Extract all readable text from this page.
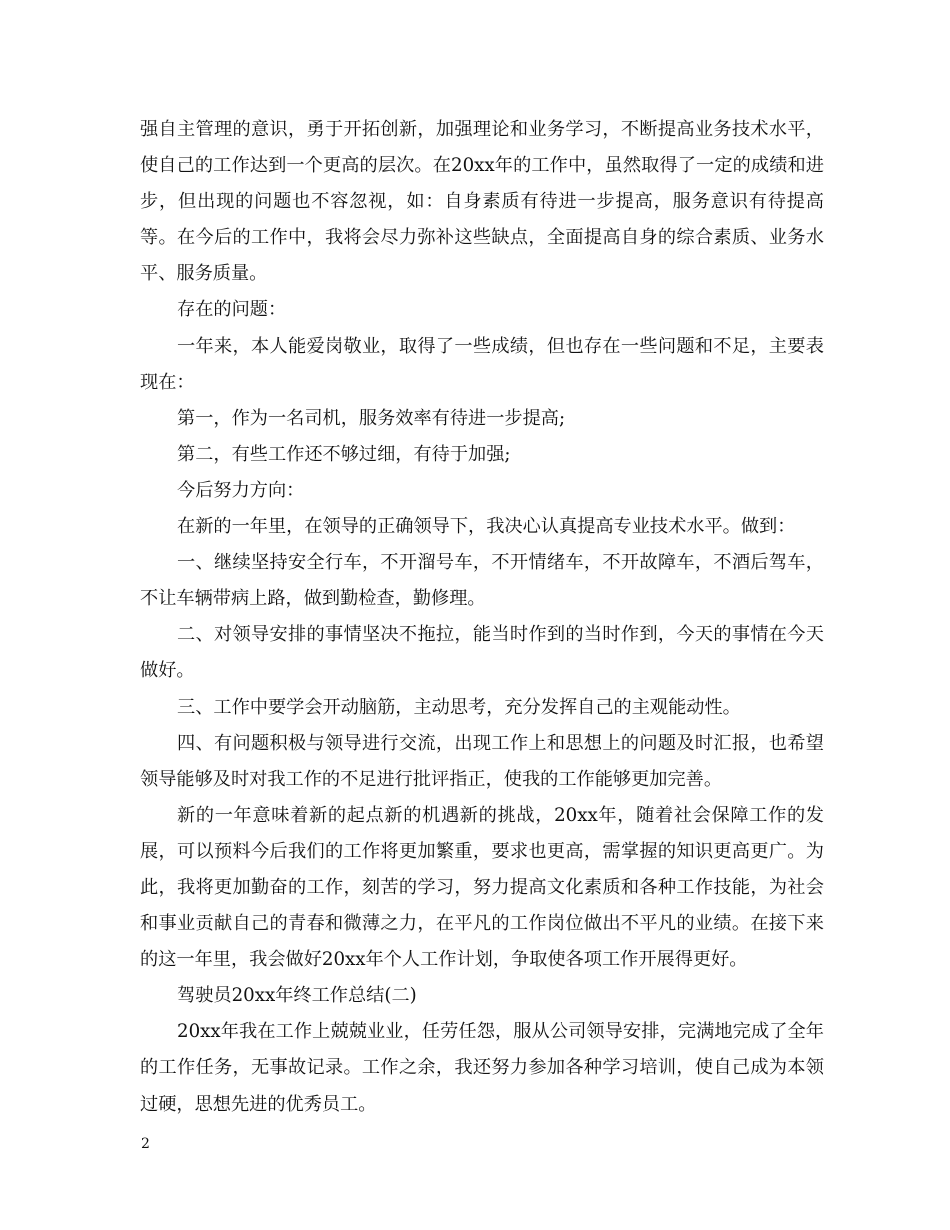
强自主管理的意识，勇于开拓创新，加强理论和业务学习，不断提高业务技术水平，使自己的工作达到一个更高的层次。在20xx年的工作中，虽然取得了一定的成绩和进步，但出现的问题也不容忽视，如：自身素质有待进一步提高，服务意识有待提高等。在今后的工作中，我将会尽力弥补这些缺点，全面提高自身的综合素质、业务水平、服务质量。

存在的问题：

一年来，本人能爱岗敬业，取得了一些成绩，但也存在一些问题和不足，主要表现在：

第一，作为一名司机，服务效率有待进一步提高;

第二，有些工作还不够过细，有待于加强;

今后努力方向：

在新的一年里，在领导的正确领导下，我决心认真提高专业技术水平。做到：

一、继续坚持安全行车，不开溜号车，不开情绪车，不开故障车，不酒后驾车，不让车辆带病上路，做到勤检查，勤修理。

二、对领导安排的事情坚决不拖拉，能当时作到的当时作到，今天的事情在今天做好。

三、工作中要学会开动脑筋，主动思考，充分发挥自己的主观能动性。

四、有问题积极与领导进行交流，出现工作上和思想上的问题及时汇报，也希望领导能够及时对我工作的不足进行批评指正，使我的工作能够更加完善。

新的一年意味着新的起点新的机遇新的挑战，20xx年，随着社会保障工作的发展，可以预料今后我们的工作将更加繁重，要求也更高，需掌握的知识更高更广。为此，我将更加勤奋的工作，刻苦的学习，努力提高文化素质和各种工作技能，为社会和事业贡献自己的青春和微薄之力，在平凡的工作岗位做出不平凡的业绩。在接下来的这一年里，我会做好20xx年个人工作计划，争取使各项工作开展得更好。

驾驶员20xx年终工作总结(二)

20xx年我在工作上兢兢业业，任劳任怨，服从公司领导安排，完满地完成了全年的工作任务，无事故记录。工作之余，我还努力参加各种学习培训，使自己成为本领过硬，思想先进的优秀员工。

2
